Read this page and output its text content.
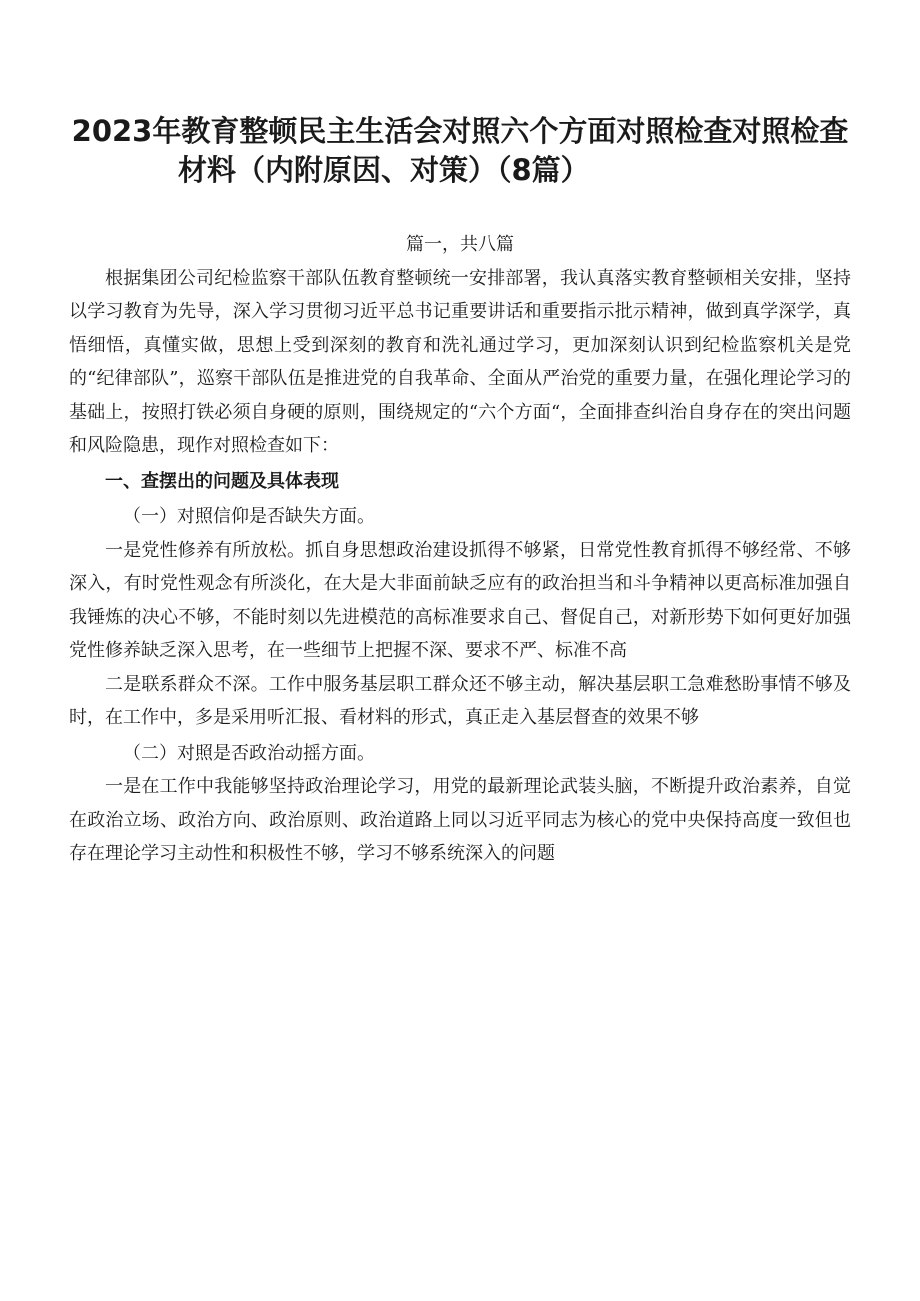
2023年教育整顿民主生活会对照六个方面对照检查对照检查
材料（内附原因、对策）（8篇）

篇一，共八篇

根据集团公司纪检监察干部队伍教育整顿统一安排部署，我认真落实教育整顿相关安排，坚持以学习教育为先导，深入学习贯彻习近平总书记重要讲话和重要指示批示精神，做到真学深学，真悟细悟，真懂实做，思想上受到深刻的教育和洗礼通过学习，更加深刻认识到纪检监察机关是党的“纪律部队”，巡察干部队伍是推进党的自我革命、全面从严治党的重要力量，在强化理论学习的基础上，按照打铁必须自身硬的原则，围绕规定的“六个方面“，全面排查纠治自身存在的突出问题和风险隐患，现作对照检查如下：

一、查摆出的问题及具体表现

（一）对照信仰是否缺失方面。

一是党性修养有所放松。抓自身思想政治建设抓得不够紧，日常党性教育抓得不够经常、不够深入，有时党性观念有所淡化，在大是大非面前缺乏应有的政治担当和斗争精神以更高标准加强自我锤炼的决心不够，不能时刻以先进模范的高标准要求自己、督促自己，对新形势下如何更好加强党性修养缺乏深入思考，在一些细节上把握不深、要求不严、标准不高

二是联系群众不深。工作中服务基层职工群众还不够主动，解决基层职工急难愁盼事情不够及时，在工作中，多是采用听汇报、看材料的形式，真正走入基层督查的效果不够

（二）对照是否政治动摇方面。

一是在工作中我能够坚持政治理论学习，用党的最新理论武装头脑，不断提升政治素养，自觉在政治立场、政治方向、政治原则、政治道路上同以习近平同志为核心的党中央保持高度一致但也存在理论学习主动性和积极性不够，学习不够系统深入的问题
